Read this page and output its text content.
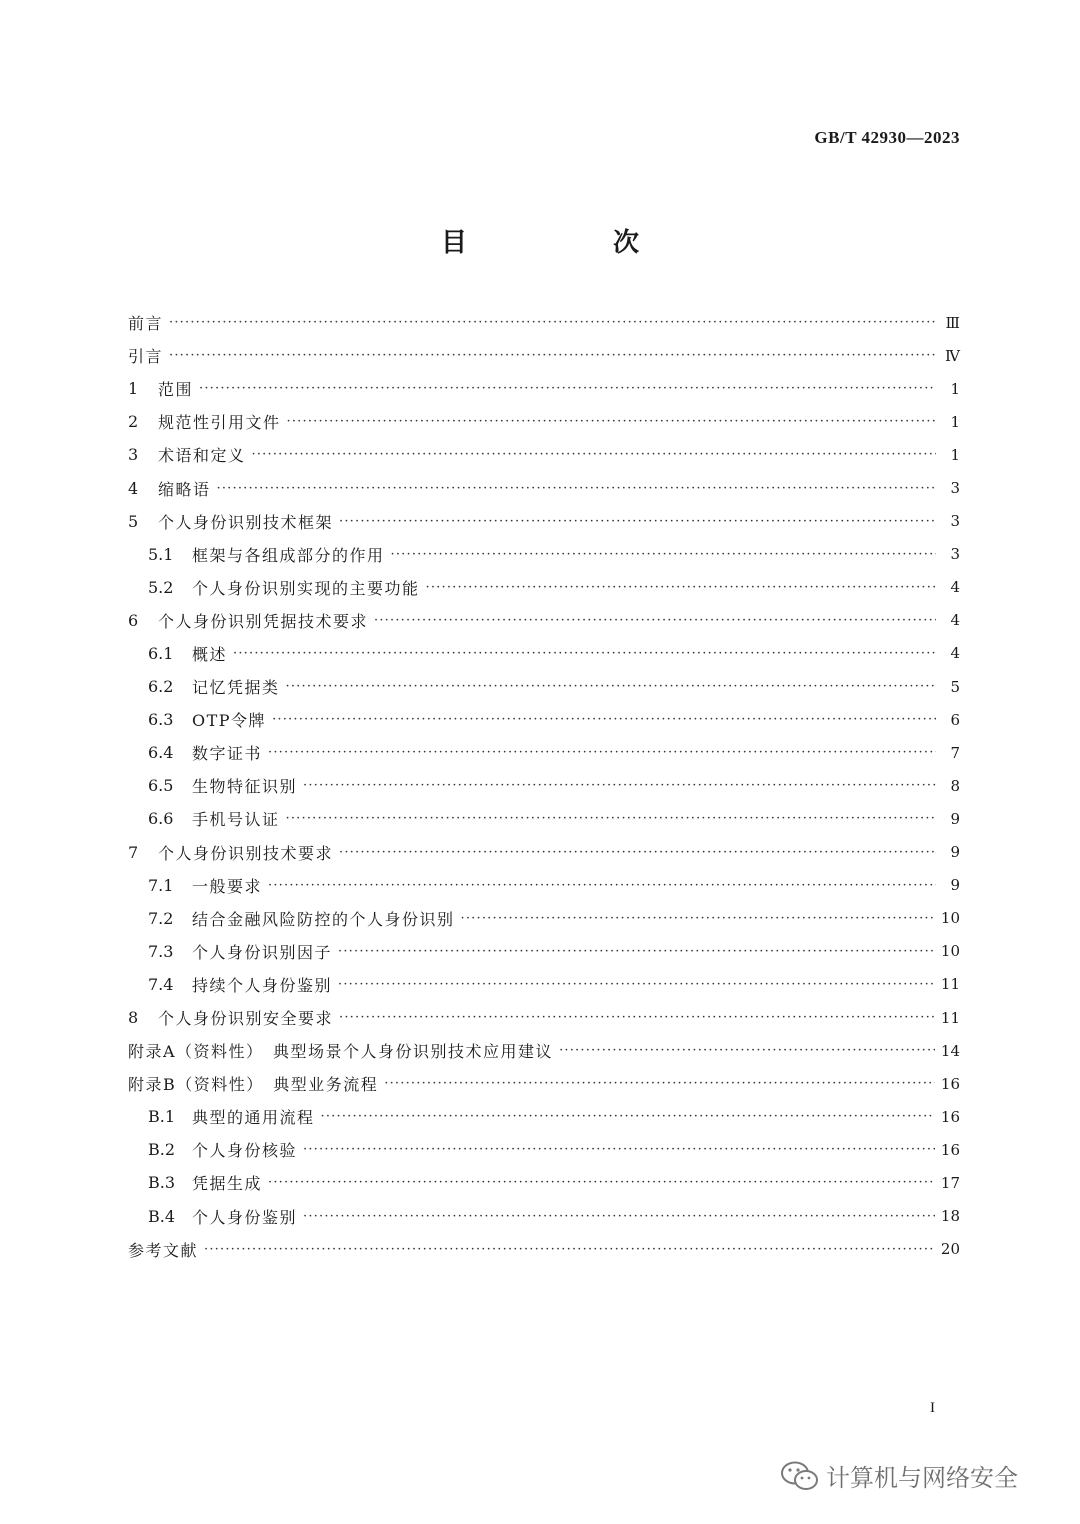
GB/T 42930—2023
目　次
前言 ·····	Ⅲ
引言 ·····	Ⅳ
1	范围 ·····	1
2	规范性引用文件 ·····	1
3	术语和定义 ·····	1
4	缩略语 ·····	3
5	个人身份识别技术框架 ·····	3
5.1	框架与各组成部分的作用 ·····	3
5.2	个人身份识别实现的主要功能 ·····	4
6	个人身份识别凭据技术要求 ·····	4
6.1	概述 ·····	4
6.2	记忆凭据类 ·····	5
6.3	OTP令牌 ·····	6
6.4	数字证书 ·····	7
6.5	生物特征识别 ·····	8
6.6	手机号认证 ·····	9
7	个人身份识别技术要求 ·····	9
7.1	一般要求 ·····	9
7.2	结合金融风险防控的个人身份识别 ·····	10
7.3	个人身份识别因子 ·····	10
7.4	持续个人身份鉴别 ·····	11
8	个人身份识别安全要求 ·····	11
附录A（资料性）　典型场景个人身份识别技术应用建议 ·····	14
附录B（资料性）　典型业务流程 ·····	16
B.1	典型的通用流程 ·····	16
B.2	个人身份核验 ·····	16
B.3	凭据生成 ·····	17
B.4	个人身份鉴别 ·····	18
参考文献 ·····	20
I
计算机与网络安全
